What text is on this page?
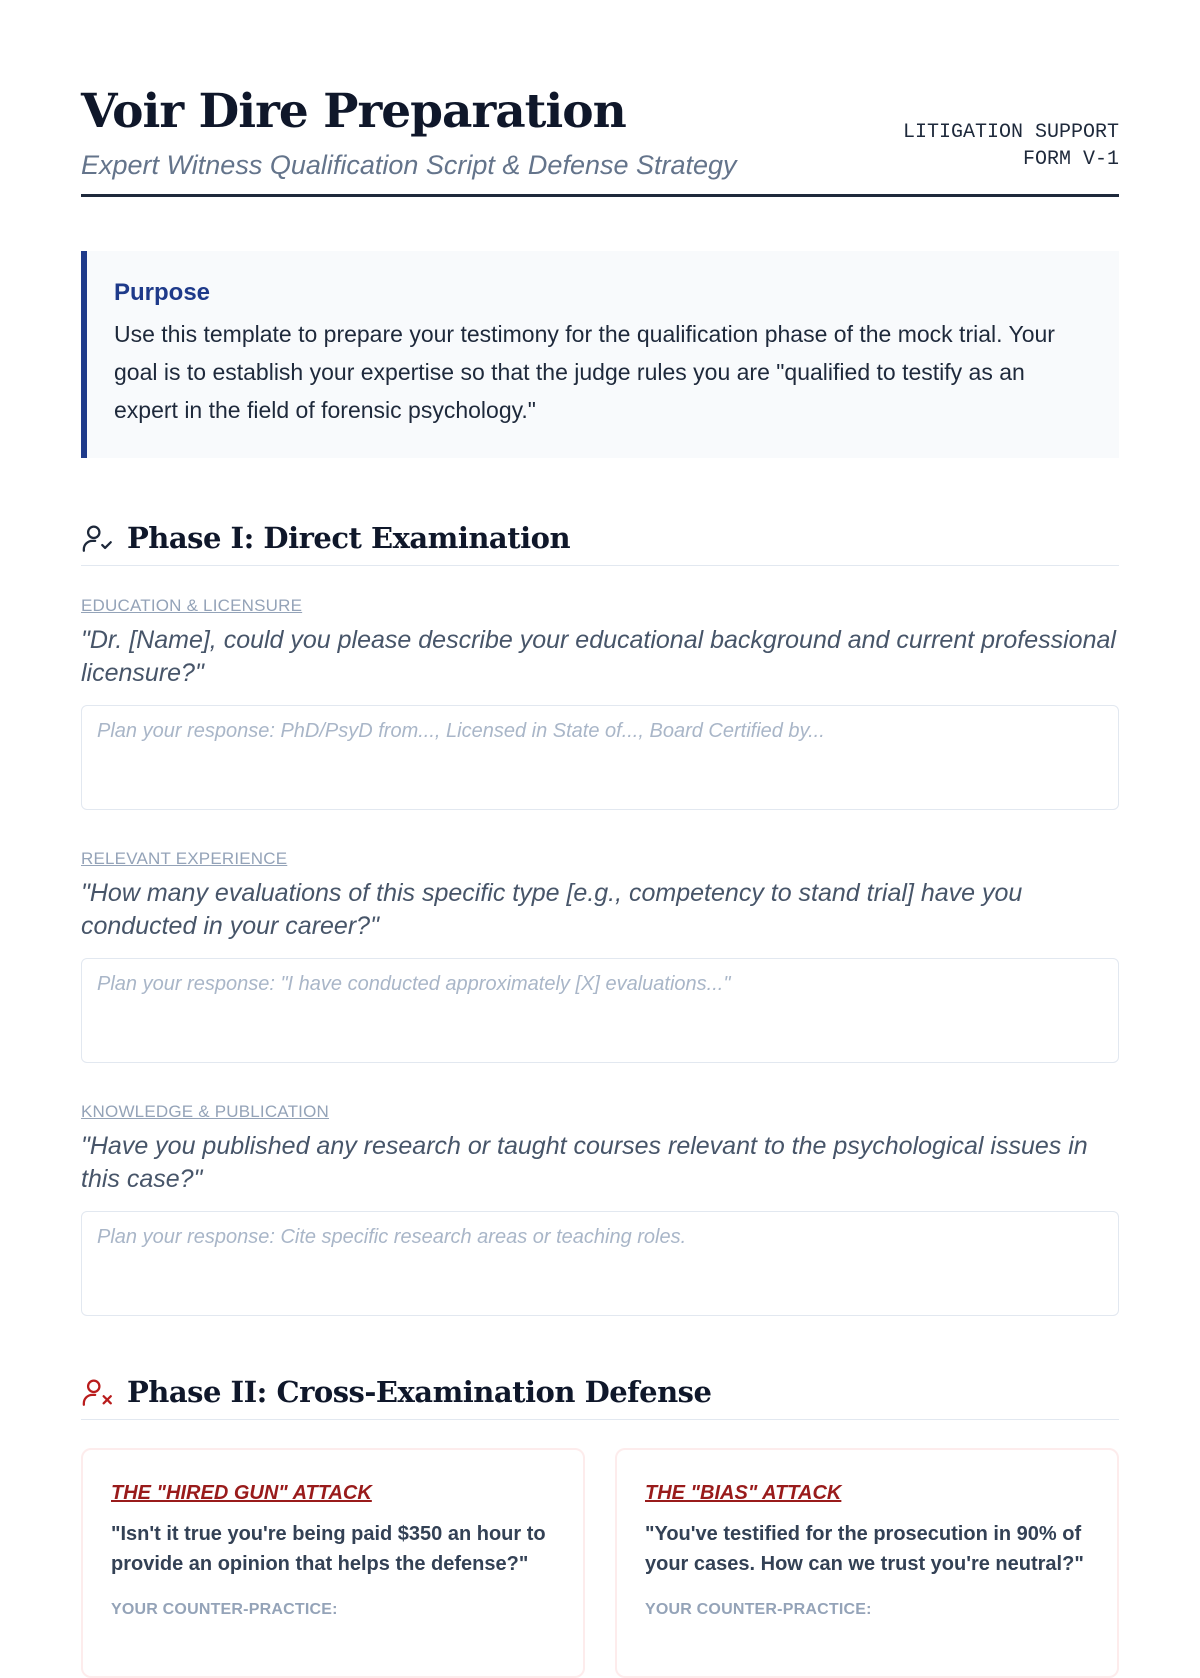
Voir Dire Preparation
Expert Witness Qualification Script & Defense Strategy
LITIGATION SUPPORT
FORM V-1
Purpose

Use this template to prepare your testimony for the qualification phase of the mock trial. Your goal is to establish your expertise so that the judge rules you are "qualified to testify as an expert in the field of forensic psychology."

Phase I: Direct Examination
EDUCATION & LICENSURE
"Dr. [Name], could you please describe your educational background and current professional licensure?"
Plan your response: PhD/PsyD from..., Licensed in State of..., Board Certified by...
RELEVANT EXPERIENCE
"How many evaluations of this specific type [e.g., competency to stand trial] have you conducted in your career?"
Plan your response: "I have conducted approximately [X] evaluations..."
KNOWLEDGE & PUBLICATION
"Have you published any research or taught courses relevant to the psychological issues in this case?"
Plan your response: Cite specific research areas or teaching roles.
Phase II: Cross-Examination Defense
THE "HIRED GUN" ATTACK
"Isn't it true you're being paid $350 an hour to provide an opinion that helps the defense?"
YOUR COUNTER-PRACTICE:
THE "BIAS" ATTACK
"You've testified for the prosecution in 90% of your cases. How can we trust you're neutral?"
YOUR COUNTER-PRACTICE:
